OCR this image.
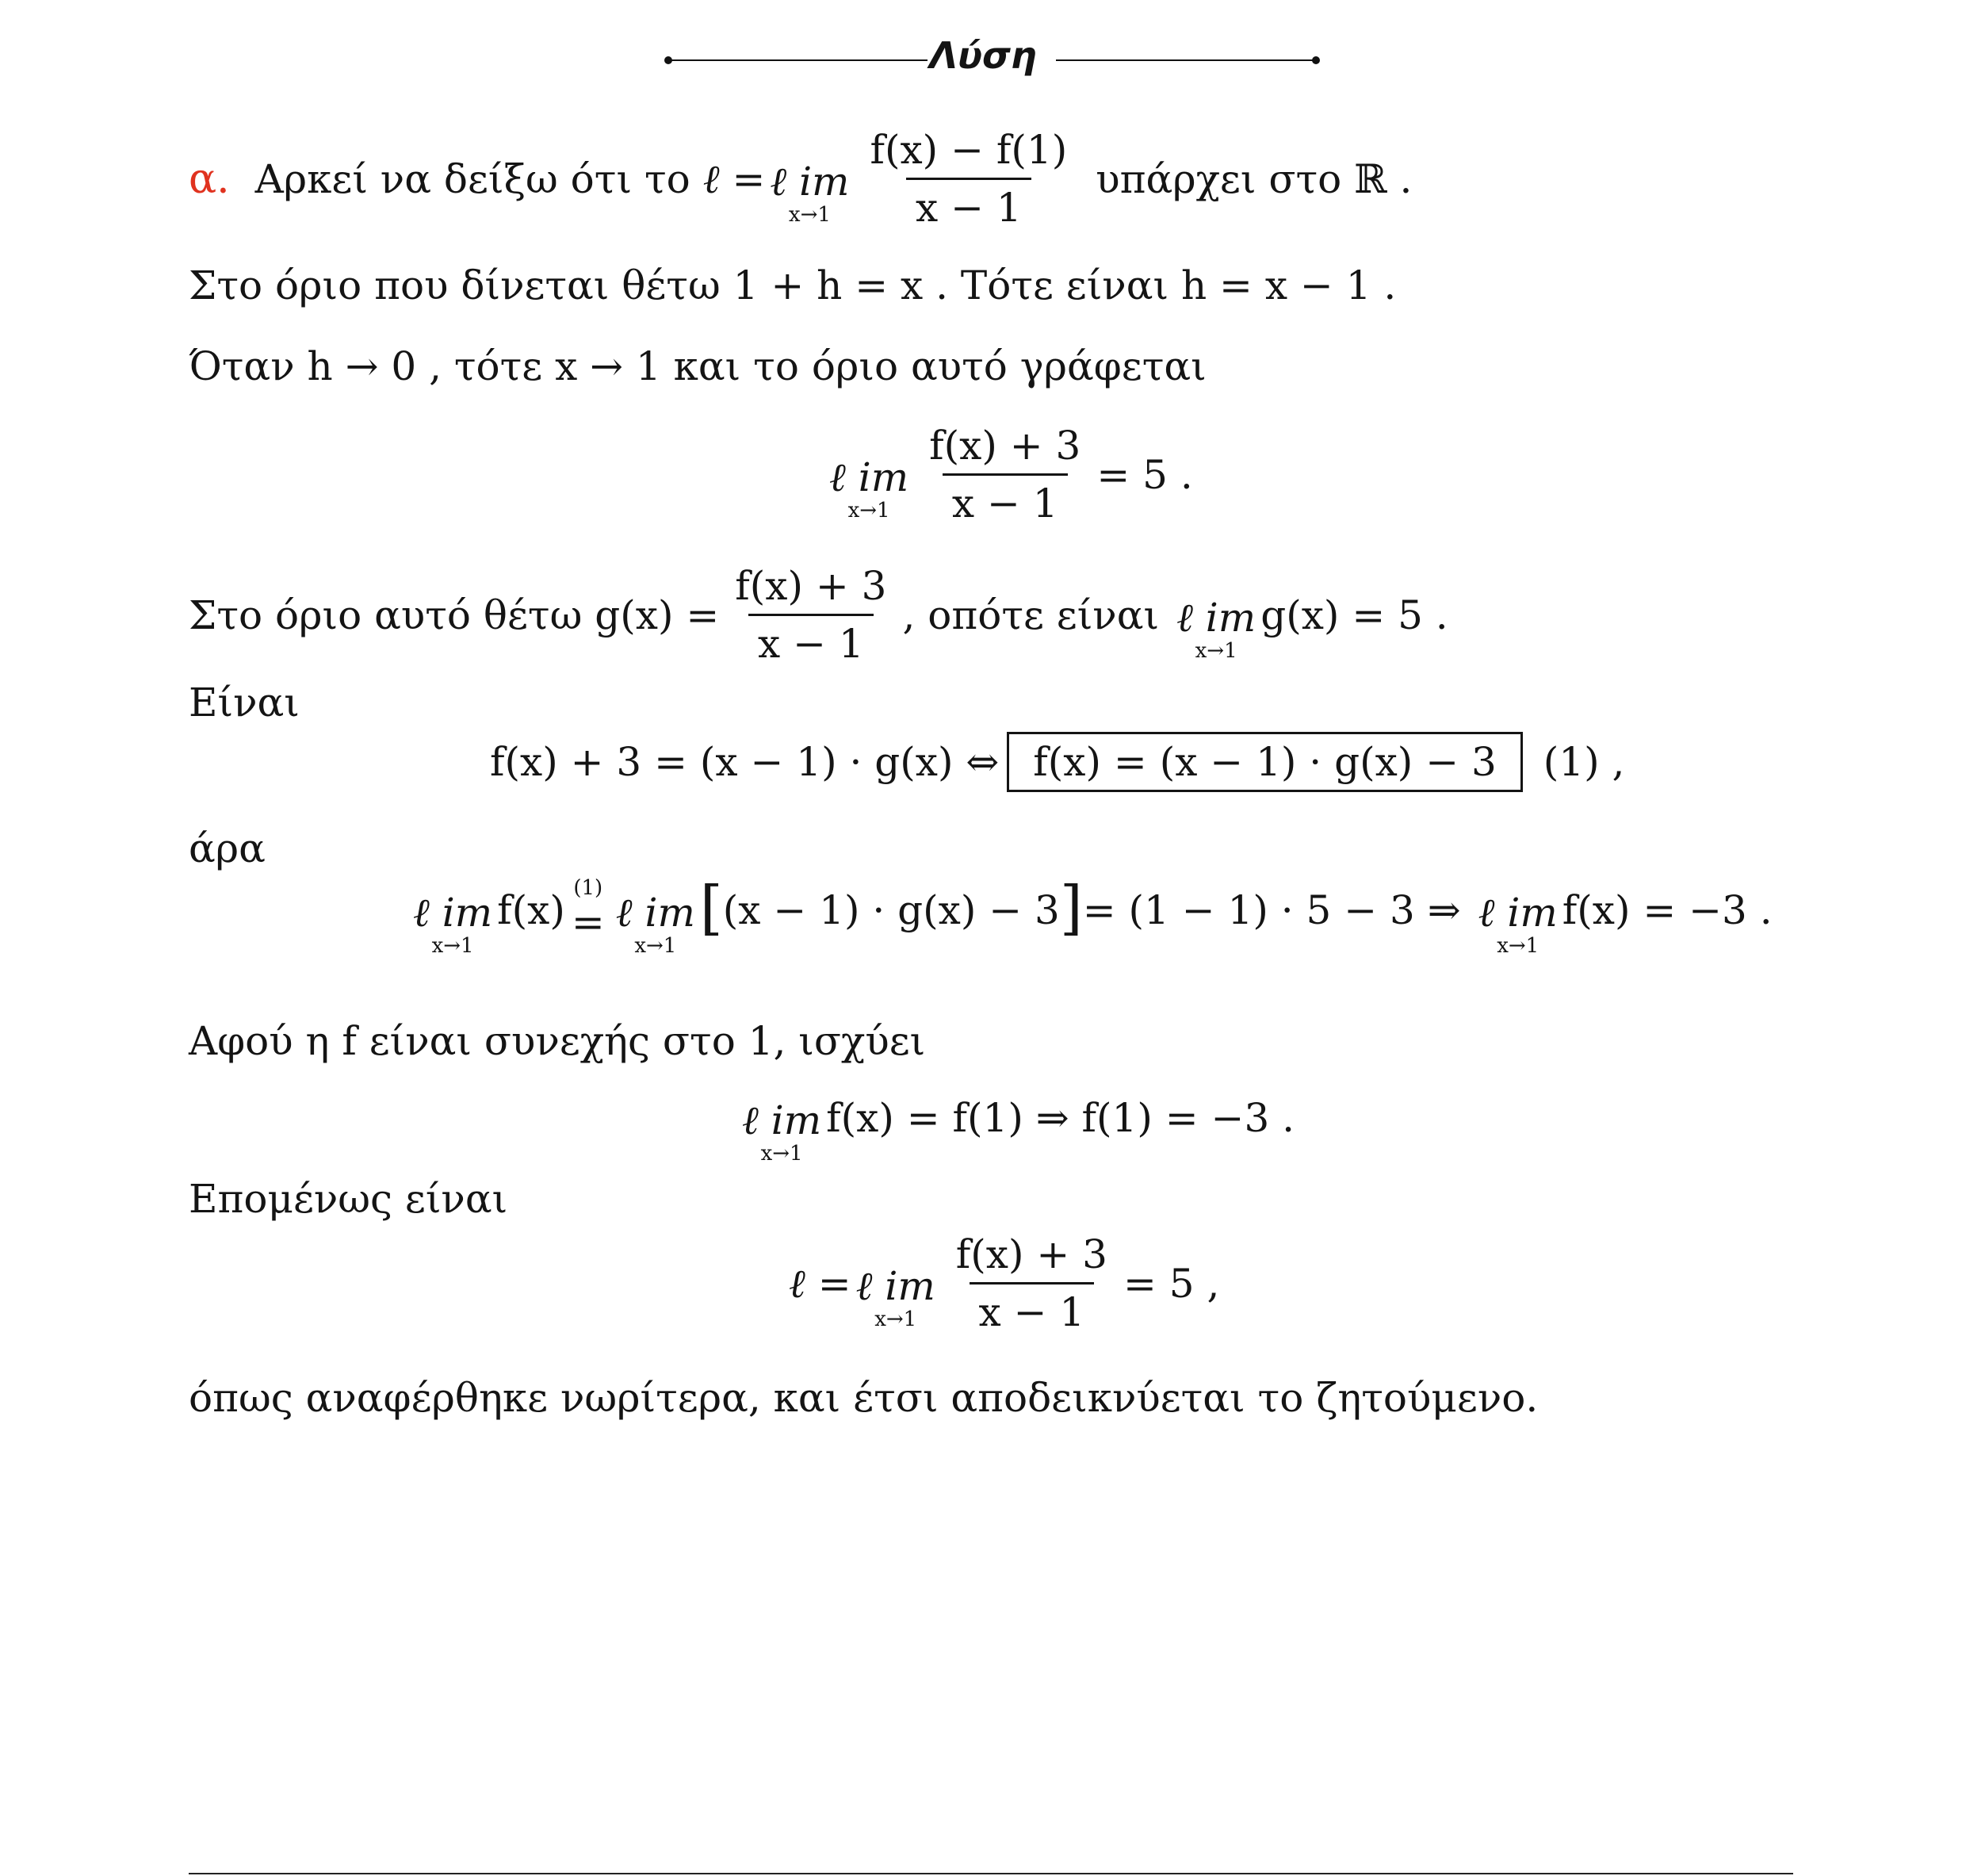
Λύση
α. Αρκεί να δείξω ότι το ℓ = ℓ im
$x\to 1 \frac{f(x) - f(1)}{x - 1}$ υπάρχει στο ℝ .
Στο όριο που δίνεται θέτω 1 + h = x . Τότε είναι h = x − 1 .
Όταν h → 0 , τότε x → 1 και το όριο αυτό γράφεται
ℓ im
$x\to 1 \frac{f(x) + 3}{x - 1} = 5$ .
Στο όριο αυτό θέτω $g(x) = \frac{f(x) + 3}{x - 1}$ , οπότε είναι ℓ im
x→1
g(x) = 5 .
Είναι
f(x) + 3 = (x − 1) · g(x) ⇔ f(x) = (x − 1) · g(x) − 3	(1) ,
άρα
ℓ im
x→1
f(x) (1)
= ℓ im
x→1
[ (x − 1) · g(x) − 3 ] = (1 − 1) · 5 − 3 ⇒ ℓ im
x→1
f(x) = −3 .
Αφού η f είναι συνεχής στο 1, ισχύει
ℓ im
x→1
f(x) = f(1) ⇒ f(1) = −3 .
Επομένως είναι
ℓ = ℓ im
$x\to 1 \frac{f(x) + 3}{x - 1} = 5$ ,
όπως αναφέρθηκε νωρίτερα, και έτσι αποδεικνύεται το ζητούμενο.
